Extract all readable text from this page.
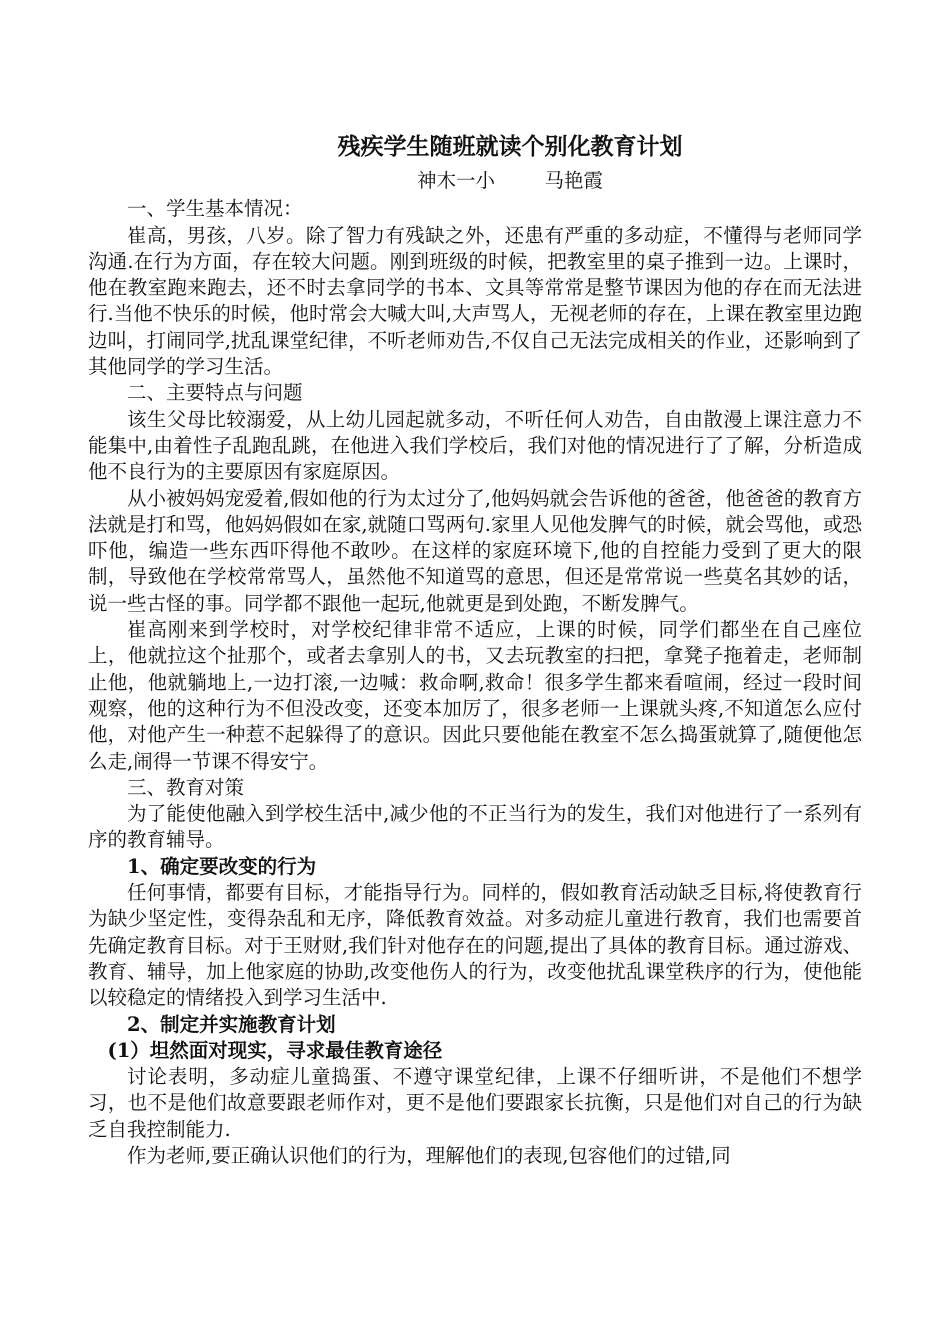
残疾学生随班就读个别化教育计划
神木一小        马艳霞

一、学生基本情况：

崔高，男孩，八岁。除了智力有残缺之外，还患有严重的多动症，不懂得与老师同学沟通.在行为方面，存在较大问题。刚到班级的时候，把教室里的桌子推到一边。上课时，他在教室跑来跑去，还不时去拿同学的书本、文具等常常是整节课因为他的存在而无法进行.当他不快乐的时候，他时常会大喊大叫,大声骂人，无视老师的存在，上课在教室里边跑边叫，打闹同学,扰乱课堂纪律，不听老师劝告,不仅自己无法完成相关的作业，还影响到了其他同学的学习生活。

二、主要特点与问题

该生父母比较溺爱，从上幼儿园起就多动，不听任何人劝告，自由散漫上课注意力不能集中,由着性子乱跑乱跳，在他进入我们学校后，我们对他的情况进行了了解，分析造成他不良行为的主要原因有家庭原因。

从小被妈妈宠爱着,假如他的行为太过分了,他妈妈就会告诉他的爸爸，他爸爸的教育方法就是打和骂，他妈妈假如在家,就随口骂两句.家里人见他发脾气的时候，就会骂他，或恐吓他，编造一些东西吓得他不敢吵。在这样的家庭环境下,他的自控能力受到了更大的限制，导致他在学校常常骂人，虽然他不知道骂的意思，但还是常常说一些莫名其妙的话，说一些古怪的事。同学都不跟他一起玩,他就更是到处跑，不断发脾气。

崔高刚来到学校时，对学校纪律非常不适应，上课的时候，同学们都坐在自己座位上，他就拉这个扯那个，或者去拿别人的书，又去玩教室的扫把，拿凳子拖着走，老师制止他，他就躺地上,一边打滚,一边喊：救命啊,救命！很多学生都来看喧闹，经过一段时间观察，他的这种行为不但没改变，还变本加厉了，很多老师一上课就头疼,不知道怎么应付他，对他产生一种惹不起躲得了的意识。因此只要他能在教室不怎么捣蛋就算了,随便他怎么走,闹得一节课不得安宁。

三、教育对策

为了能使他融入到学校生活中,减少他的不正当行为的发生，我们对他进行了一系列有序的教育辅导。

1、确定要改变的行为

任何事情，都要有目标，才能指导行为。同样的，假如教育活动缺乏目标,将使教育行为缺少坚定性，变得杂乱和无序，降低教育效益。对多动症儿童进行教育，我们也需要首先确定教育目标。对于王财财,我们针对他存在的问题,提出了具体的教育目标。通过游戏、教育、辅导，加上他家庭的协助,改变他伤人的行为，改变他扰乱课堂秩序的行为，使他能以较稳定的情绪投入到学习生活中.

2、制定并实施教育计划

(1）坦然面对现实，寻求最佳教育途径

讨论表明，多动症儿童捣蛋、不遵守课堂纪律，上课不仔细听讲，不是他们不想学习，也不是他们故意要跟老师作对，更不是他们要跟家长抗衡，只是他们对自己的行为缺乏自我控制能力.

作为老师,要正确认识他们的行为，理解他们的表现,包容他们的过错,同
